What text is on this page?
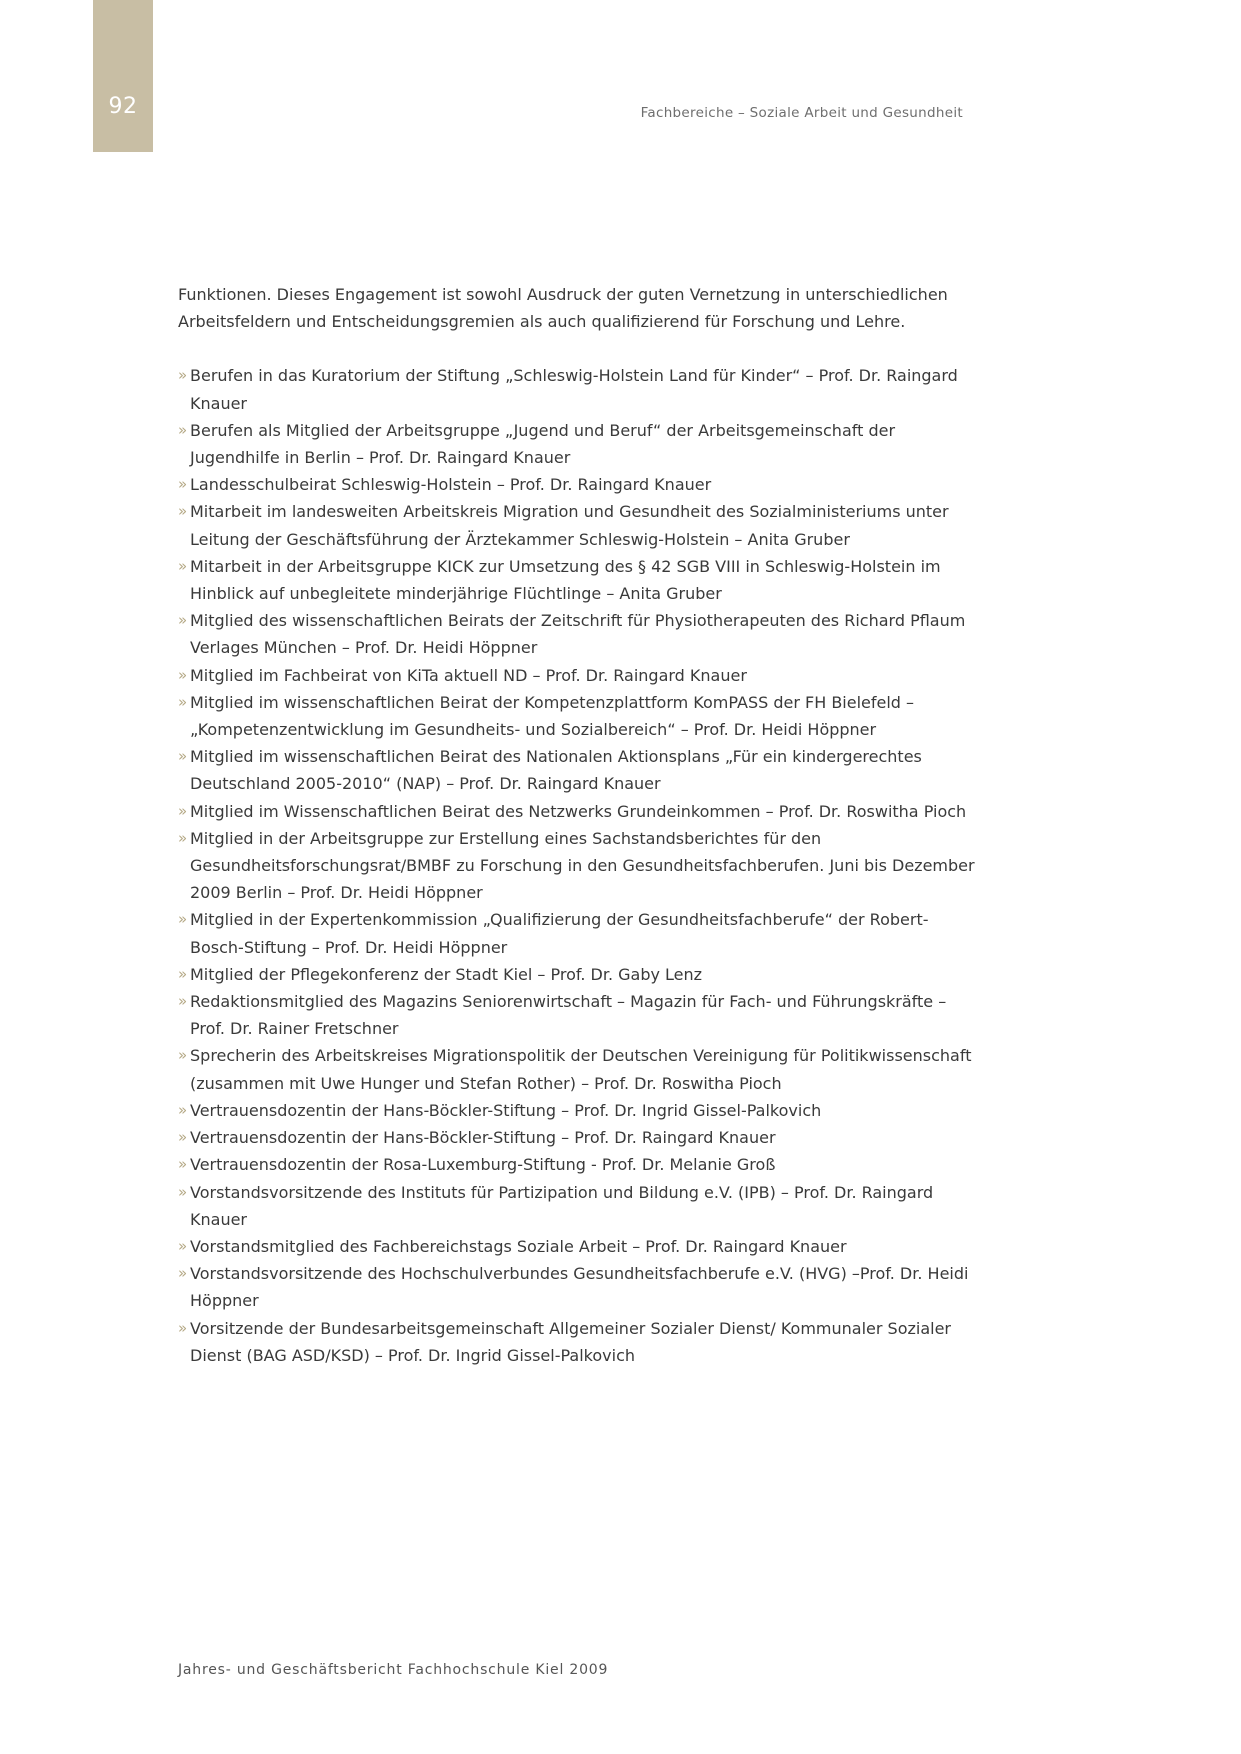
92	Fachbereiche – Soziale Arbeit und Gesundheit

Funktionen. Dieses Engagement ist sowohl Ausdruck der guten Vernetzung in unterschiedlichen Arbeitsfeldern und Entscheidungsgremien als auch qualifizierend für Forschung und Lehre.

» Berufen in das Kuratorium der Stiftung „Schleswig-Holstein Land für Kinder“ – Prof. Dr. Raingard Knauer
» Berufen als Mitglied der Arbeitsgruppe „Jugend und Beruf“ der Arbeitsgemeinschaft der Jugendhilfe in Berlin – Prof. Dr. Raingard Knauer
» Landesschulbeirat Schleswig-Holstein – Prof. Dr. Raingard Knauer
» Mitarbeit im landesweiten Arbeitskreis Migration und Gesundheit des Sozialministeriums unter Leitung der Geschäftsführung der Ärztekammer Schleswig-Holstein – Anita Gruber
» Mitarbeit in der Arbeitsgruppe KICK zur Umsetzung des § 42 SGB VIII in Schleswig-Holstein im Hinblick auf unbegleitete minderjährige Flüchtlinge – Anita Gruber
» Mitglied des wissenschaftlichen Beirats der Zeitschrift für Physiotherapeuten des Richard Pflaum Verlages München – Prof. Dr. Heidi Höppner
» Mitglied im Fachbeirat von KiTa aktuell ND – Prof. Dr. Raingard Knauer
» Mitglied im wissenschaftlichen Beirat der Kompetenzplattform KomPASS der FH Bielefeld – „Kompetenzentwicklung im Gesundheits- und Sozialbereich“ – Prof. Dr. Heidi Höppner
» Mitglied im wissenschaftlichen Beirat des Nationalen Aktionsplans „Für ein kindergerechtes Deutschland 2005-2010“ (NAP) – Prof. Dr. Raingard Knauer
» Mitglied im Wissenschaftlichen Beirat des Netzwerks Grundeinkommen – Prof. Dr. Roswitha Pioch
» Mitglied in der Arbeitsgruppe zur Erstellung eines Sachstandsberichtes für den Gesundheitsforschungsrat/BMBF zu Forschung in den Gesundheitsfachberufen. Juni bis Dezember 2009 Berlin – Prof. Dr. Heidi Höppner
» Mitglied in der Expertenkommission „Qualifizierung der Gesundheitsfachberufe“ der Robert-Bosch-Stiftung – Prof. Dr. Heidi Höppner
» Mitglied der Pflegekonferenz der Stadt Kiel – Prof. Dr. Gaby Lenz
» Redaktionsmitglied des Magazins Seniorenwirtschaft – Magazin für Fach- und Führungskräfte – Prof. Dr. Rainer Fretschner
» Sprecherin des Arbeitskreises Migrationspolitik der Deutschen Vereinigung für Politikwissenschaft (zusammen mit Uwe Hunger und Stefan Rother) – Prof. Dr. Roswitha Pioch
» Vertrauensdozentin der Hans-Böckler-Stiftung – Prof. Dr. Ingrid Gissel-Palkovich
» Vertrauensdozentin der Hans-Böckler-Stiftung – Prof. Dr. Raingard Knauer
» Vertrauensdozentin der Rosa-Luxemburg-Stiftung - Prof. Dr. Melanie Groß
» Vorstandsvorsitzende des Instituts für Partizipation und Bildung e.V. (IPB) – Prof. Dr. Raingard Knauer
» Vorstandsmitglied des Fachbereichstags Soziale Arbeit – Prof. Dr. Raingard Knauer
» Vorstandsvorsitzende des Hochschulverbundes Gesundheitsfachberufe e.V. (HVG) –Prof. Dr. Heidi Höppner
» Vorsitzende der Bundesarbeitsgemeinschaft Allgemeiner Sozialer Dienst/ Kommunaler Sozialer Dienst (BAG ASD/KSD) – Prof. Dr. Ingrid Gissel-Palkovich
Jahres- und Geschäftsbericht Fachhochschule Kiel 2009
